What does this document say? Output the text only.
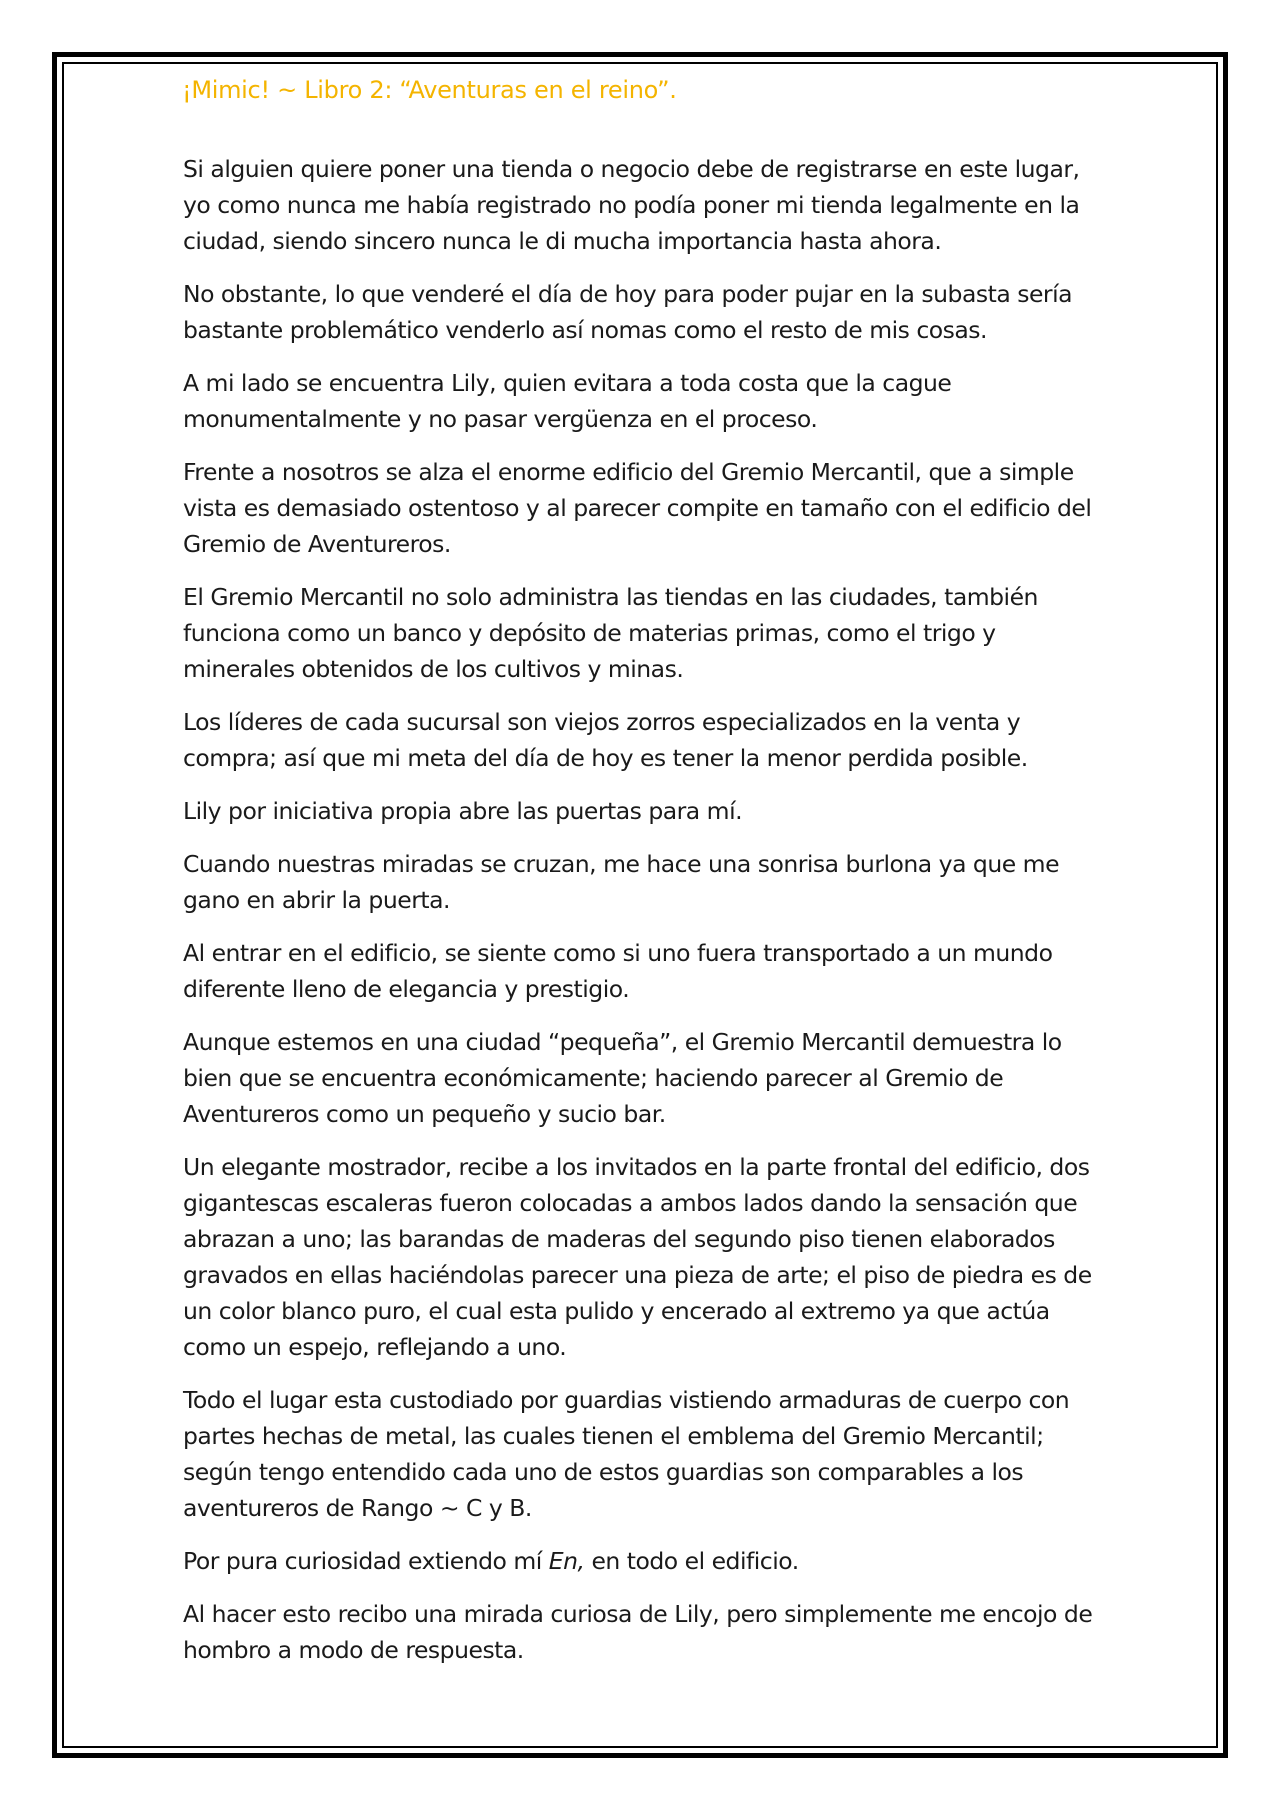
¡Mimic! ~ Libro 2: “Aventuras en el reino”.

Si alguien quiere poner una tienda o negocio debe de registrarse en este lugar, yo como nunca me había registrado no podía poner mi tienda legalmente en la ciudad, siendo sincero nunca le di mucha importancia hasta ahora.

No obstante, lo que venderé el día de hoy para poder pujar en la subasta sería bastante problemático venderlo así nomas como el resto de mis cosas.

A mi lado se encuentra Lily, quien evitara a toda costa que la cague monumentalmente y no pasar vergüenza en el proceso.

Frente a nosotros se alza el enorme edificio del Gremio Mercantil, que a simple vista es demasiado ostentoso y al parecer compite en tamaño con el edificio del Gremio de Aventureros.

El Gremio Mercantil no solo administra las tiendas en las ciudades, también funciona como un banco y depósito de materias primas, como el trigo y minerales obtenidos de los cultivos y minas.

Los líderes de cada sucursal son viejos zorros especializados en la venta y compra; así que mi meta del día de hoy es tener la menor perdida posible.

Lily por iniciativa propia abre las puertas para mí.

Cuando nuestras miradas se cruzan, me hace una sonrisa burlona ya que me gano en abrir la puerta.

Al entrar en el edificio, se siente como si uno fuera transportado a un mundo diferente lleno de elegancia y prestigio.

Aunque estemos en una ciudad “pequeña”, el Gremio Mercantil demuestra lo bien que se encuentra económicamente; haciendo parecer al Gremio de Aventureros como un pequeño y sucio bar.

Un elegante mostrador, recibe a los invitados en la parte frontal del edificio, dos gigantescas escaleras fueron colocadas a ambos lados dando la sensación que abrazan a uno; las barandas de maderas del segundo piso tienen elaborados gravados en ellas haciéndolas parecer una pieza de arte; el piso de piedra es de un color blanco puro, el cual esta pulido y encerado al extremo ya que actúa como un espejo, reflejando a uno.

Todo el lugar esta custodiado por guardias vistiendo armaduras de cuerpo con partes hechas de metal, las cuales tienen el emblema del Gremio Mercantil; según tengo entendido cada uno de estos guardias son comparables a los aventureros de Rango ~ C y B.

Por pura curiosidad extiendo mí En, en todo el edificio.

Al hacer esto recibo una mirada curiosa de Lily, pero simplemente me encojo de hombro a modo de respuesta.
